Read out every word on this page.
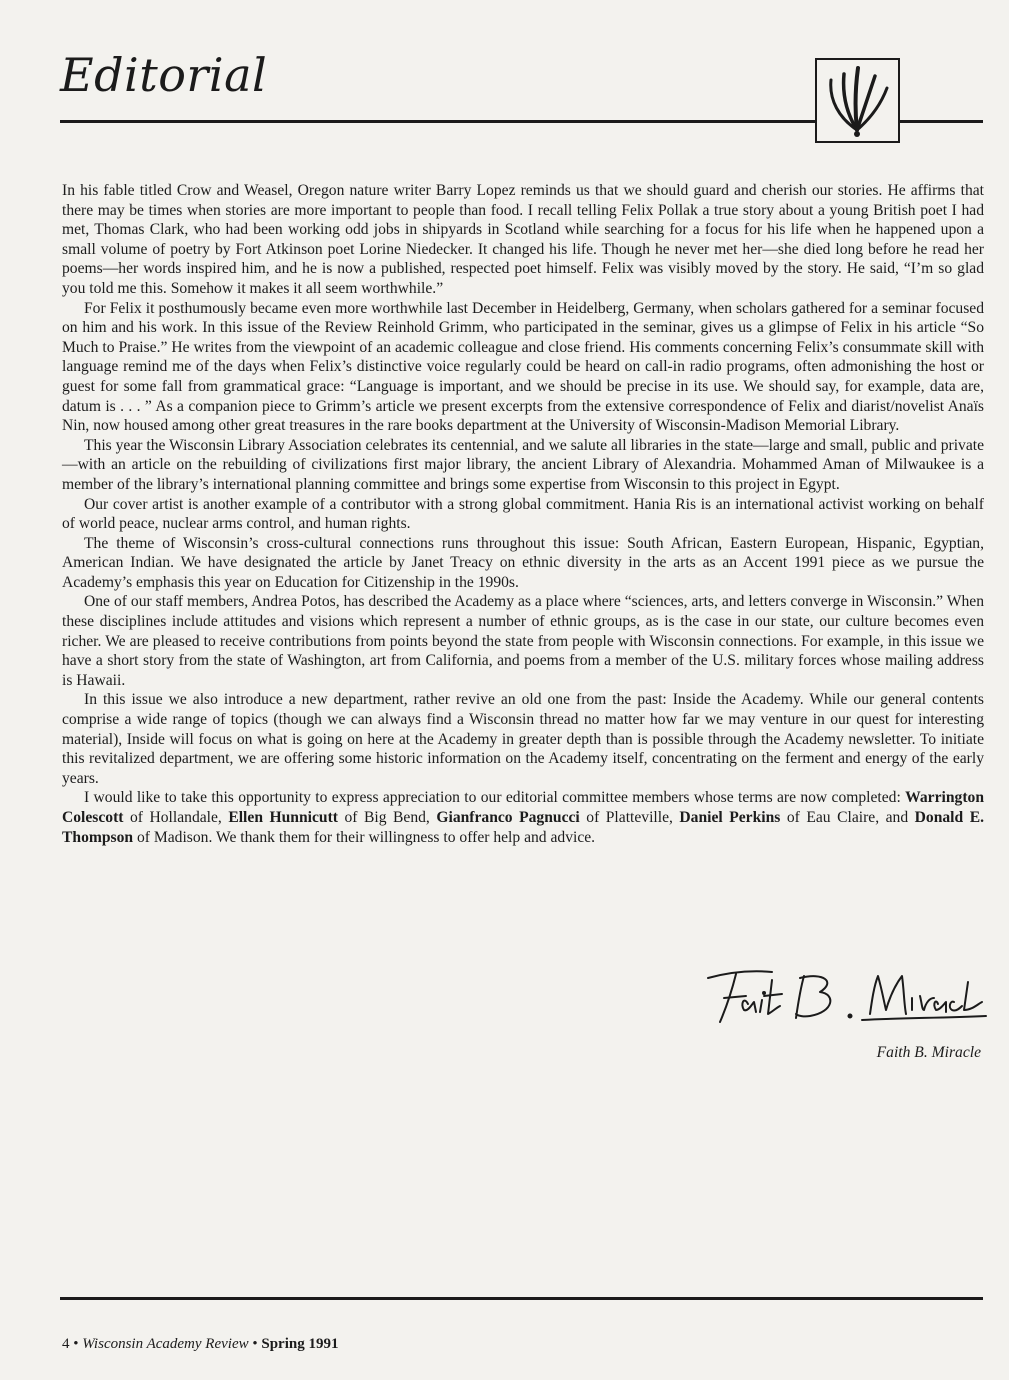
Editorial

In his fable titled Crow and Weasel, Oregon nature writer Barry Lopez reminds us that we should guard and cherish our stories. He affirms that there may be times when stories are more important to people than food. I recall telling Felix Pollak a true story about a young British poet I had met, Thomas Clark, who had been working odd jobs in shipyards in Scotland while searching for a focus for his life when he happened upon a small volume of poetry by Fort Atkinson poet Lorine Niedecker. It changed his life. Though he never met her—she died long before he read her poems—her words inspired him, and he is now a published, respected poet himself. Felix was visibly moved by the story. He said, “I’m so glad you told me this. Somehow it makes it all seem worthwhile.”

For Felix it posthumously became even more worthwhile last December in Heidelberg, Germany, when scholars gathered for a seminar focused on him and his work. In this issue of the Review Reinhold Grimm, who participated in the seminar, gives us a glimpse of Felix in his article “So Much to Praise.” He writes from the viewpoint of an academic colleague and close friend. His comments concerning Felix’s consummate skill with language remind me of the days when Felix’s distinctive voice regularly could be heard on call-in radio programs, often admonishing the host or guest for some fall from grammatical grace: “Language is important, and we should be precise in its use. We should say, for example, data are, datum is . . . ” As a companion piece to Grimm’s article we present excerpts from the extensive correspondence of Felix and diarist/novelist Anaïs Nin, now housed among other great treasures in the rare books department at the University of Wisconsin-Madison Memorial Library.

This year the Wisconsin Library Association celebrates its centennial, and we salute all libraries in the state—large and small, public and private—with an article on the rebuilding of civilizations first major library, the ancient Library of Alexandria. Mohammed Aman of Milwaukee is a member of the library’s international planning committee and brings some expertise from Wisconsin to this project in Egypt.

Our cover artist is another example of a contributor with a strong global commitment. Hania Ris is an international activist working on behalf of world peace, nuclear arms control, and human rights.

The theme of Wisconsin’s cross-cultural connections runs throughout this issue: South African, Eastern European, Hispanic, Egyptian, American Indian. We have designated the article by Janet Treacy on ethnic diversity in the arts as an Accent 1991 piece as we pursue the Academy’s emphasis this year on Education for Citizenship in the 1990s.

One of our staff members, Andrea Potos, has described the Academy as a place where “sciences, arts, and letters converge in Wisconsin.” When these disciplines include attitudes and visions which represent a number of ethnic groups, as is the case in our state, our culture becomes even richer. We are pleased to receive contributions from points beyond the state from people with Wisconsin connections. For example, in this issue we have a short story from the state of Washington, art from California, and poems from a member of the U.S. military forces whose mailing address is Hawaii.

In this issue we also introduce a new department, rather revive an old one from the past: Inside the Academy. While our general contents comprise a wide range of topics (though we can always find a Wisconsin thread no matter how far we may venture in our quest for interesting material), Inside will focus on what is going on here at the Academy in greater depth than is possible through the Academy newsletter. To initiate this revitalized department, we are offering some historic information on the Academy itself, concentrating on the ferment and energy of the early years.

I would like to take this opportunity to express appreciation to our editorial committee members whose terms are now completed: Warrington Colescott of Hollandale, Ellen Hunnicutt of Big Bend, Gianfranco Pagnucci of Platteville, Daniel Perkins of Eau Claire, and Donald E. Thompson of Madison. We thank them for their willingness to offer help and advice.

Faith B. Miracle
4 • Wisconsin Academy Review • Spring 1991
